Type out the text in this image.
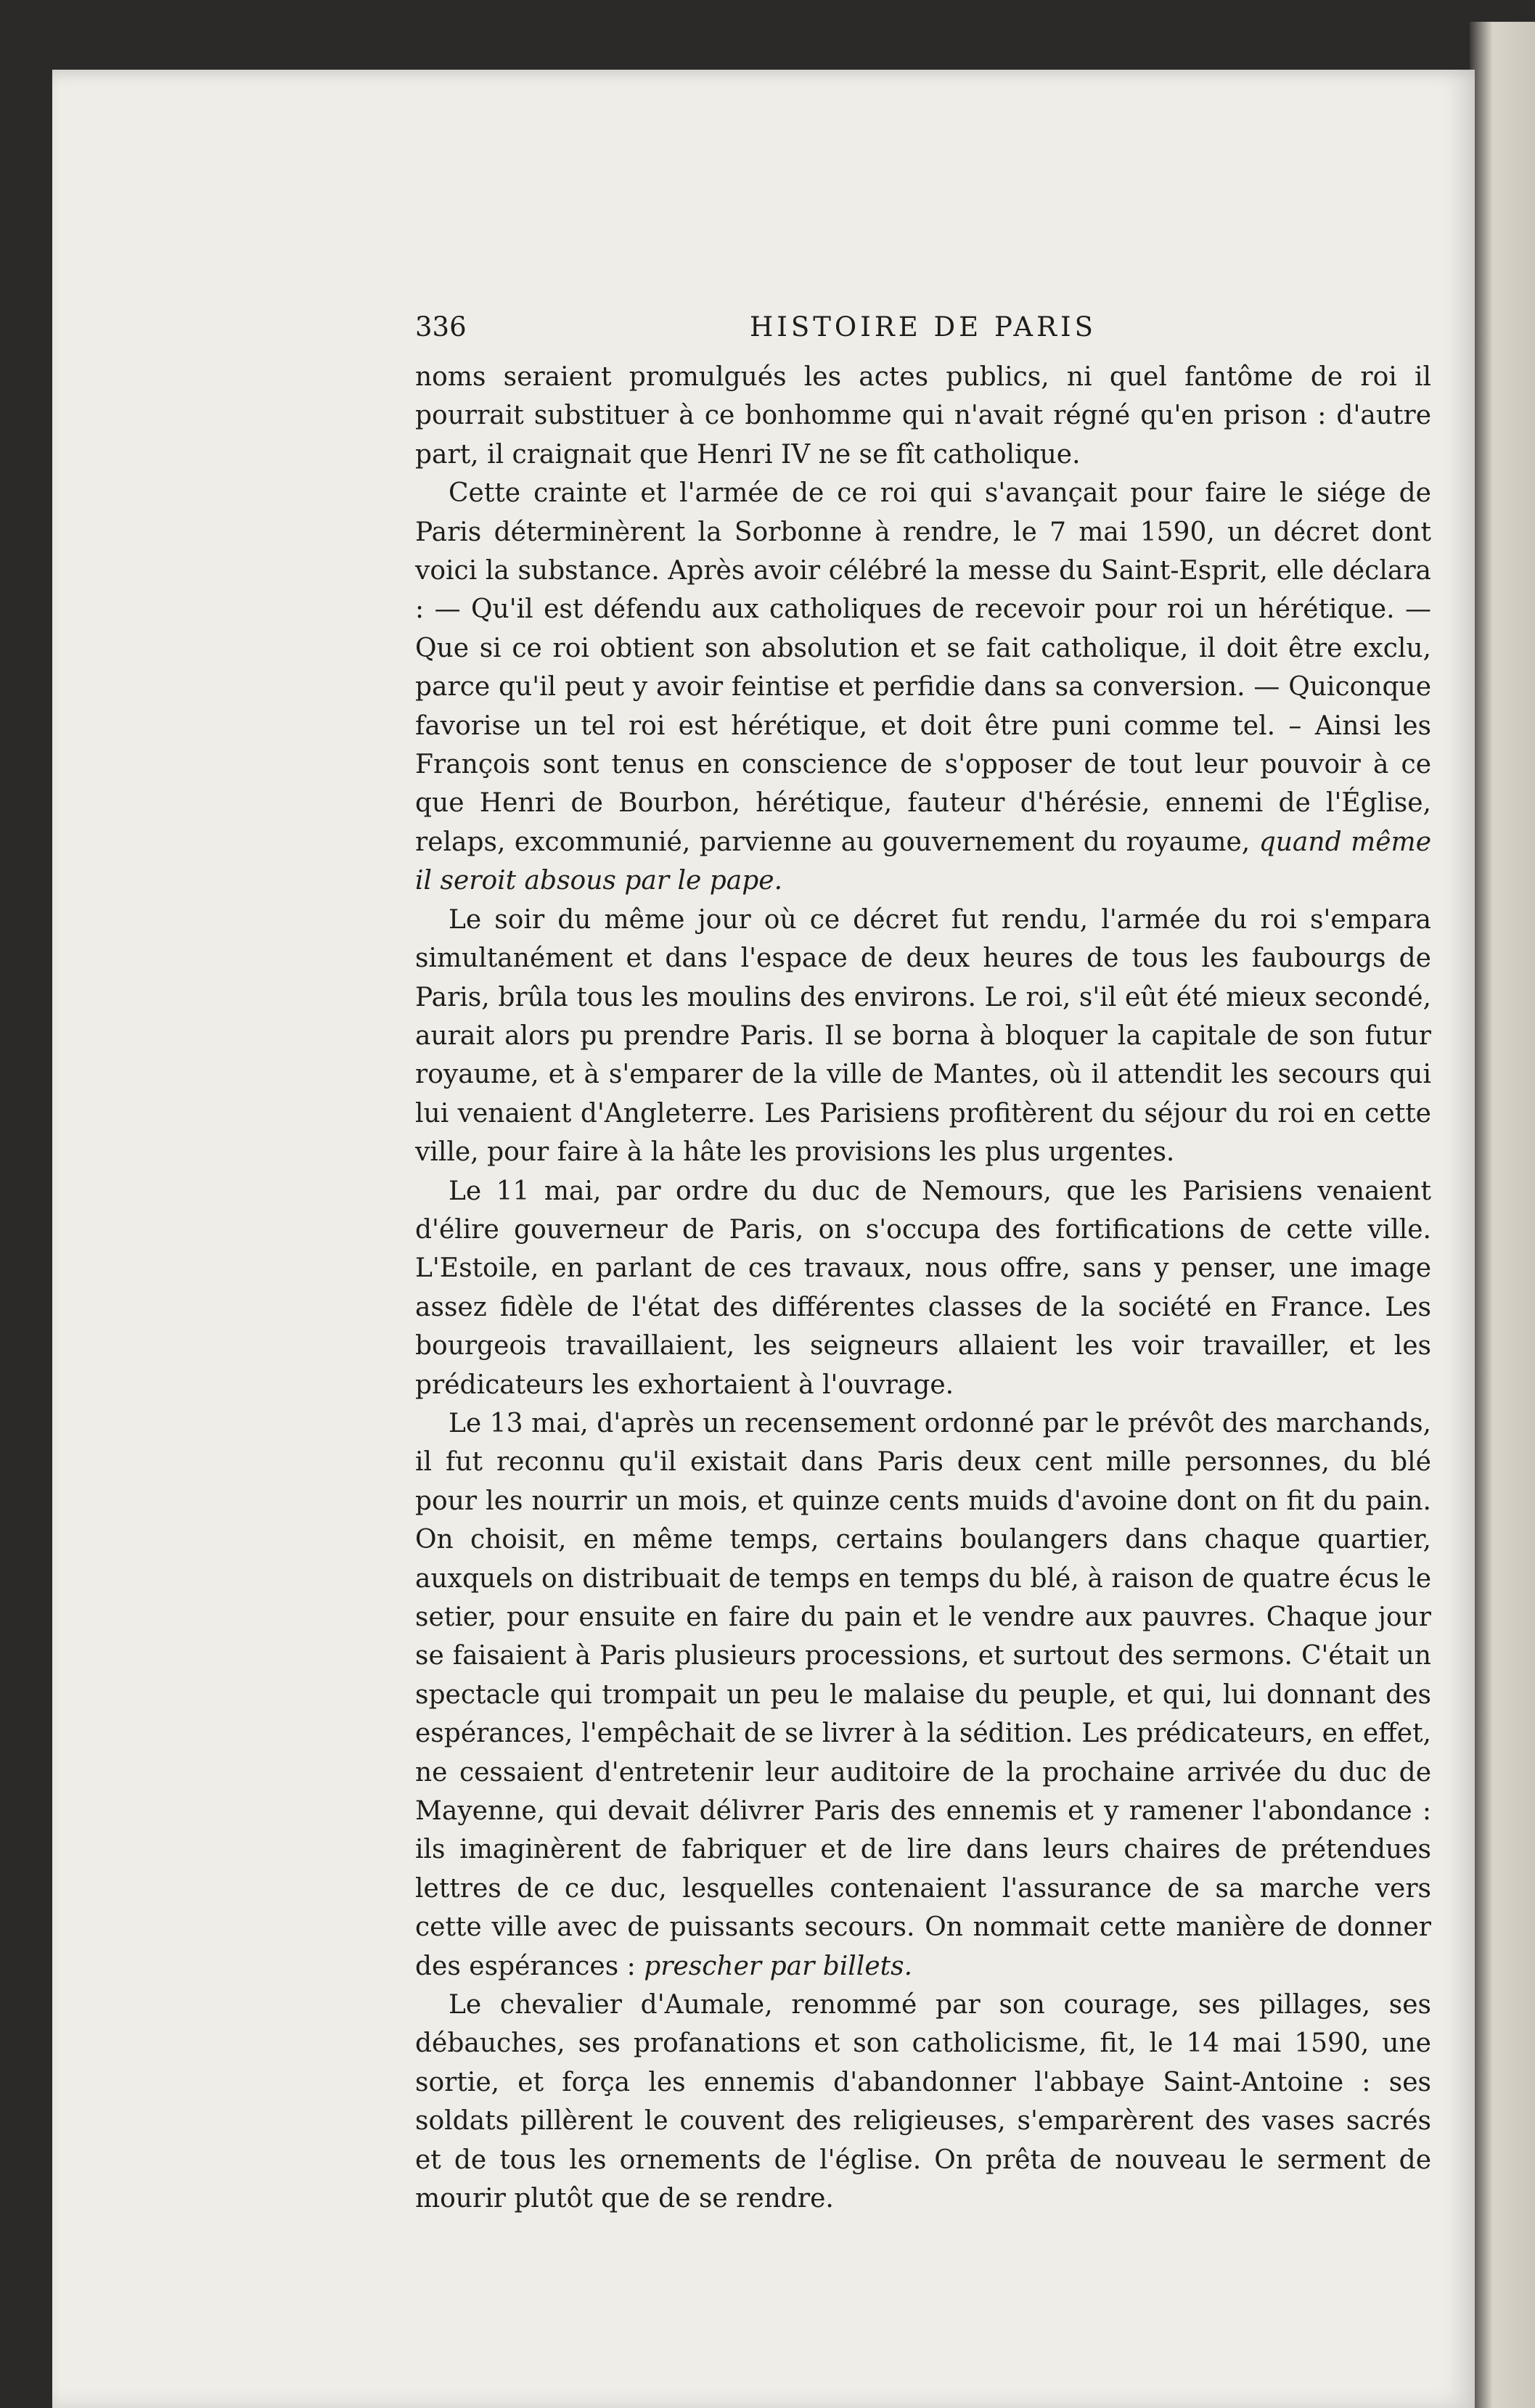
336	HISTOIRE DE PARIS

noms seraient promulgués les actes publics, ni quel fantôme de roi il pourrait substituer à ce bonhomme qui n'avait régné qu'en prison : d'autre part, il craignait que Henri IV ne se fît catholique.

Cette crainte et l'armée de ce roi qui s'avançait pour faire le siége de Paris déterminèrent la Sorbonne à rendre, le 7 mai 1590, un décret dont voici la substance. Après avoir célébré la messe du Saint-Esprit, elle déclara : — Qu'il est défendu aux catholiques de recevoir pour roi un hérétique. — Que si ce roi obtient son absolution et se fait catholique, il doit être exclu, parce qu'il peut y avoir feintise et perfidie dans sa conversion. — Quiconque favorise un tel roi est hérétique, et doit être puni comme tel. – Ainsi les François sont tenus en conscience de s'opposer de tout leur pouvoir à ce que Henri de Bourbon, hérétique, fauteur d'hérésie, ennemi de l'Église, relaps, excommunié, parvienne au gouvernement du royaume, quand même il seroit absous par le pape.

Le soir du même jour où ce décret fut rendu, l'armée du roi s'empara simultanément et dans l'espace de deux heures de tous les faubourgs de Paris, brûla tous les moulins des environs. Le roi, s'il eût été mieux secondé, aurait alors pu prendre Paris. Il se borna à bloquer la capitale de son futur royaume, et à s'emparer de la ville de Mantes, où il attendit les secours qui lui venaient d'Angleterre. Les Parisiens profitèrent du séjour du roi en cette ville, pour faire à la hâte les provisions les plus urgentes.

Le 11 mai, par ordre du duc de Nemours, que les Parisiens venaient d'élire gouverneur de Paris, on s'occupa des fortifications de cette ville. L'Estoile, en parlant de ces travaux, nous offre, sans y penser, une image assez fidèle de l'état des différentes classes de la société en France. Les bourgeois travaillaient, les seigneurs allaient les voir travailler, et les prédicateurs les exhortaient à l'ouvrage.

Le 13 mai, d'après un recensement ordonné par le prévôt des marchands, il fut reconnu qu'il existait dans Paris deux cent mille personnes, du blé pour les nourrir un mois, et quinze cents muids d'avoine dont on fit du pain. On choisit, en même temps, certains boulangers dans chaque quartier, auxquels on distribuait de temps en temps du blé, à raison de quatre écus le setier, pour ensuite en faire du pain et le vendre aux pauvres. Chaque jour se faisaient à Paris plusieurs processions, et surtout des sermons. C'était un spectacle qui trompait un peu le malaise du peuple, et qui, lui donnant des espérances, l'empêchait de se livrer à la sédition. Les prédicateurs, en effet, ne cessaient d'entretenir leur auditoire de la prochaine arrivée du duc de Mayenne, qui devait délivrer Paris des ennemis et y ramener l'abondance : ils imaginèrent de fabriquer et de lire dans leurs chaires de prétendues lettres de ce duc, lesquelles contenaient l'assurance de sa marche vers cette ville avec de puissants secours. On nommait cette manière de donner des espérances : prescher par billets.

Le chevalier d'Aumale, renommé par son courage, ses pillages, ses débauches, ses profanations et son catholicisme, fit, le 14 mai 1590, une sortie, et força les ennemis d'abandonner l'abbaye Saint-Antoine : ses soldats pillèrent le couvent des religieuses, s'emparèrent des vases sacrés et de tous les ornements de l'église. On prêta de nouveau le serment de mourir plutôt que de se rendre.
